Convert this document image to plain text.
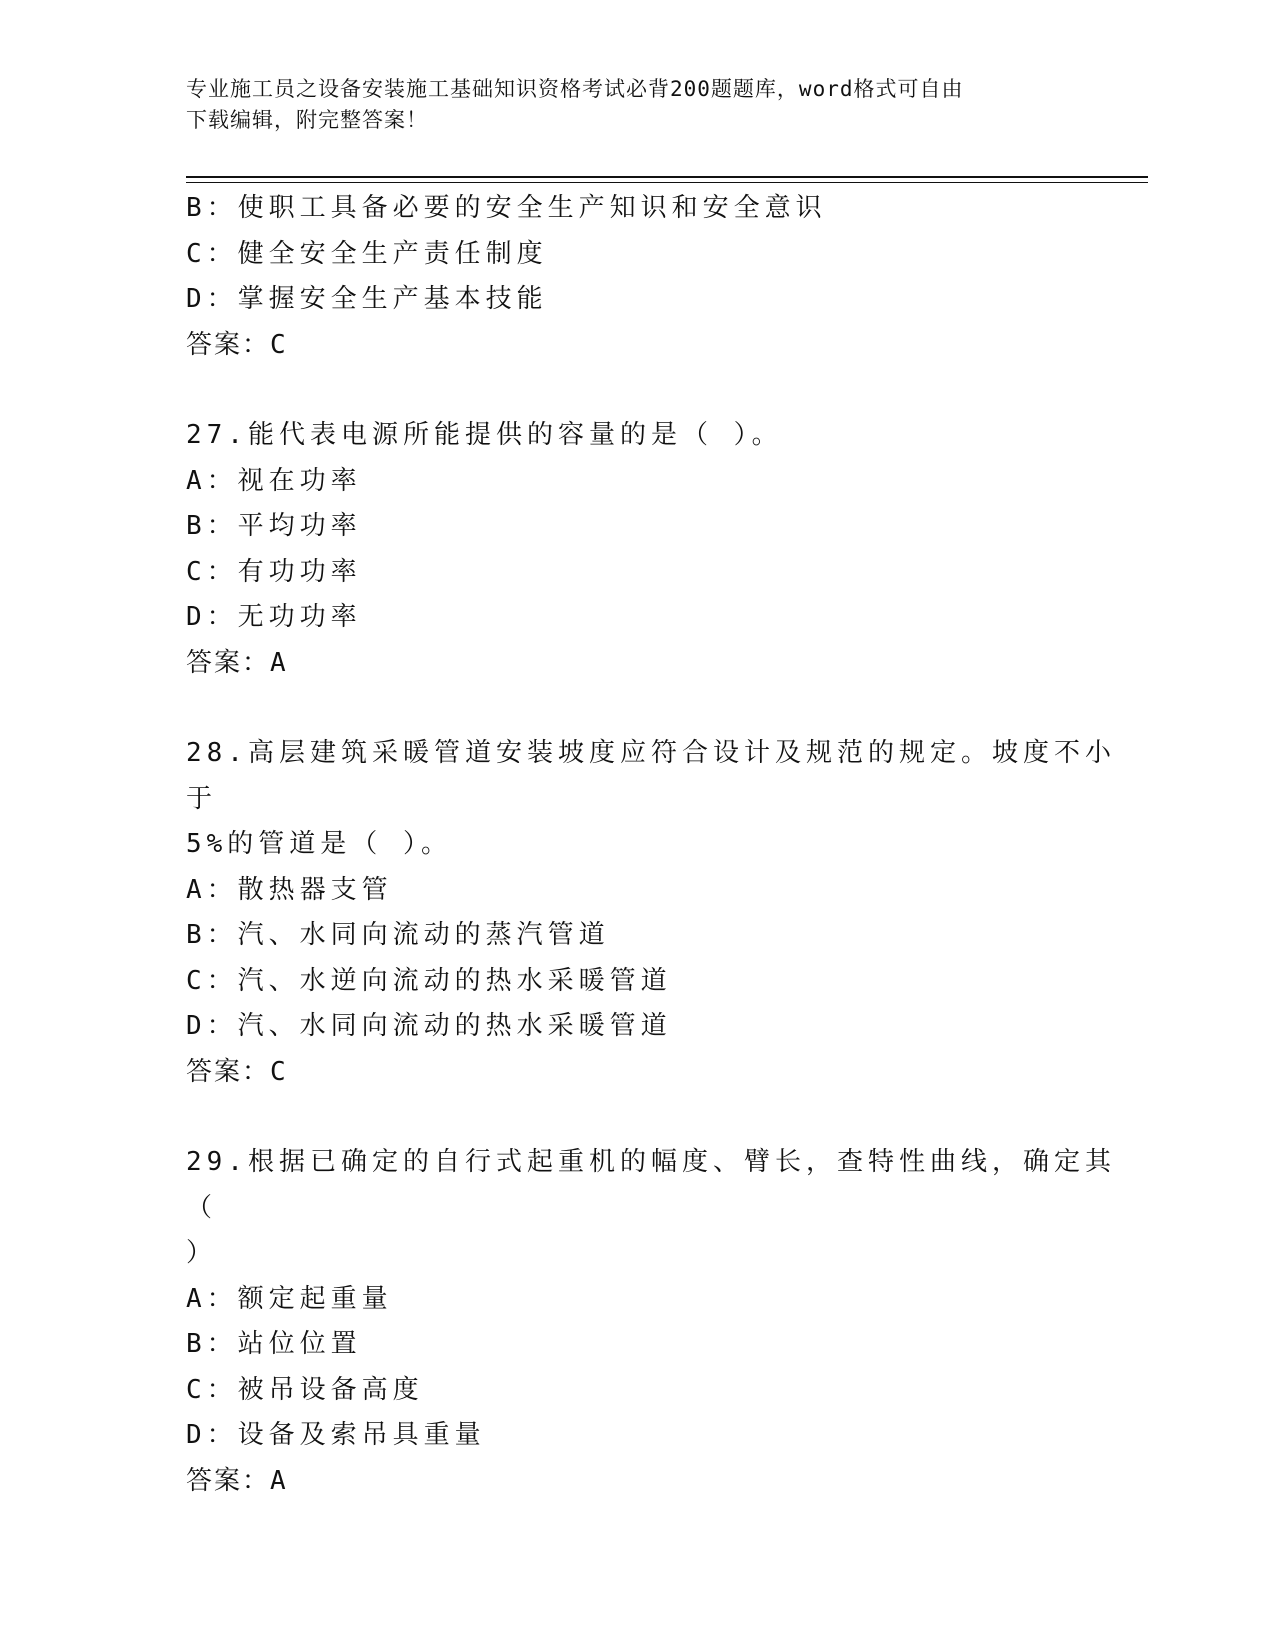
专业施工员之设备安装施工基础知识资格考试必背200题题库，word格式可自由
下载编辑，附完整答案！

B：使职工具备必要的安全生产知识和安全意识

C：健全安全生产责任制度

D：掌握安全生产基本技能

答案：C

27.能代表电源所能提供的容量的是（ ）。

A：视在功率

B：平均功率

C：有功功率

D：无功功率

答案：A

28.高层建筑采暖管道安装坡度应符合设计及规范的规定。坡度不小于

5%的管道是（ ）。

A：散热器支管

B：汽、水同向流动的蒸汽管道

C：汽、水逆向流动的热水采暖管道

D：汽、水同向流动的热水采暖管道

答案：C

29.根据已确定的自行式起重机的幅度、臂长，查特性曲线，确定其（

）

A：额定起重量

B：站位位置

C：被吊设备高度

D：设备及索吊具重量

答案：A
